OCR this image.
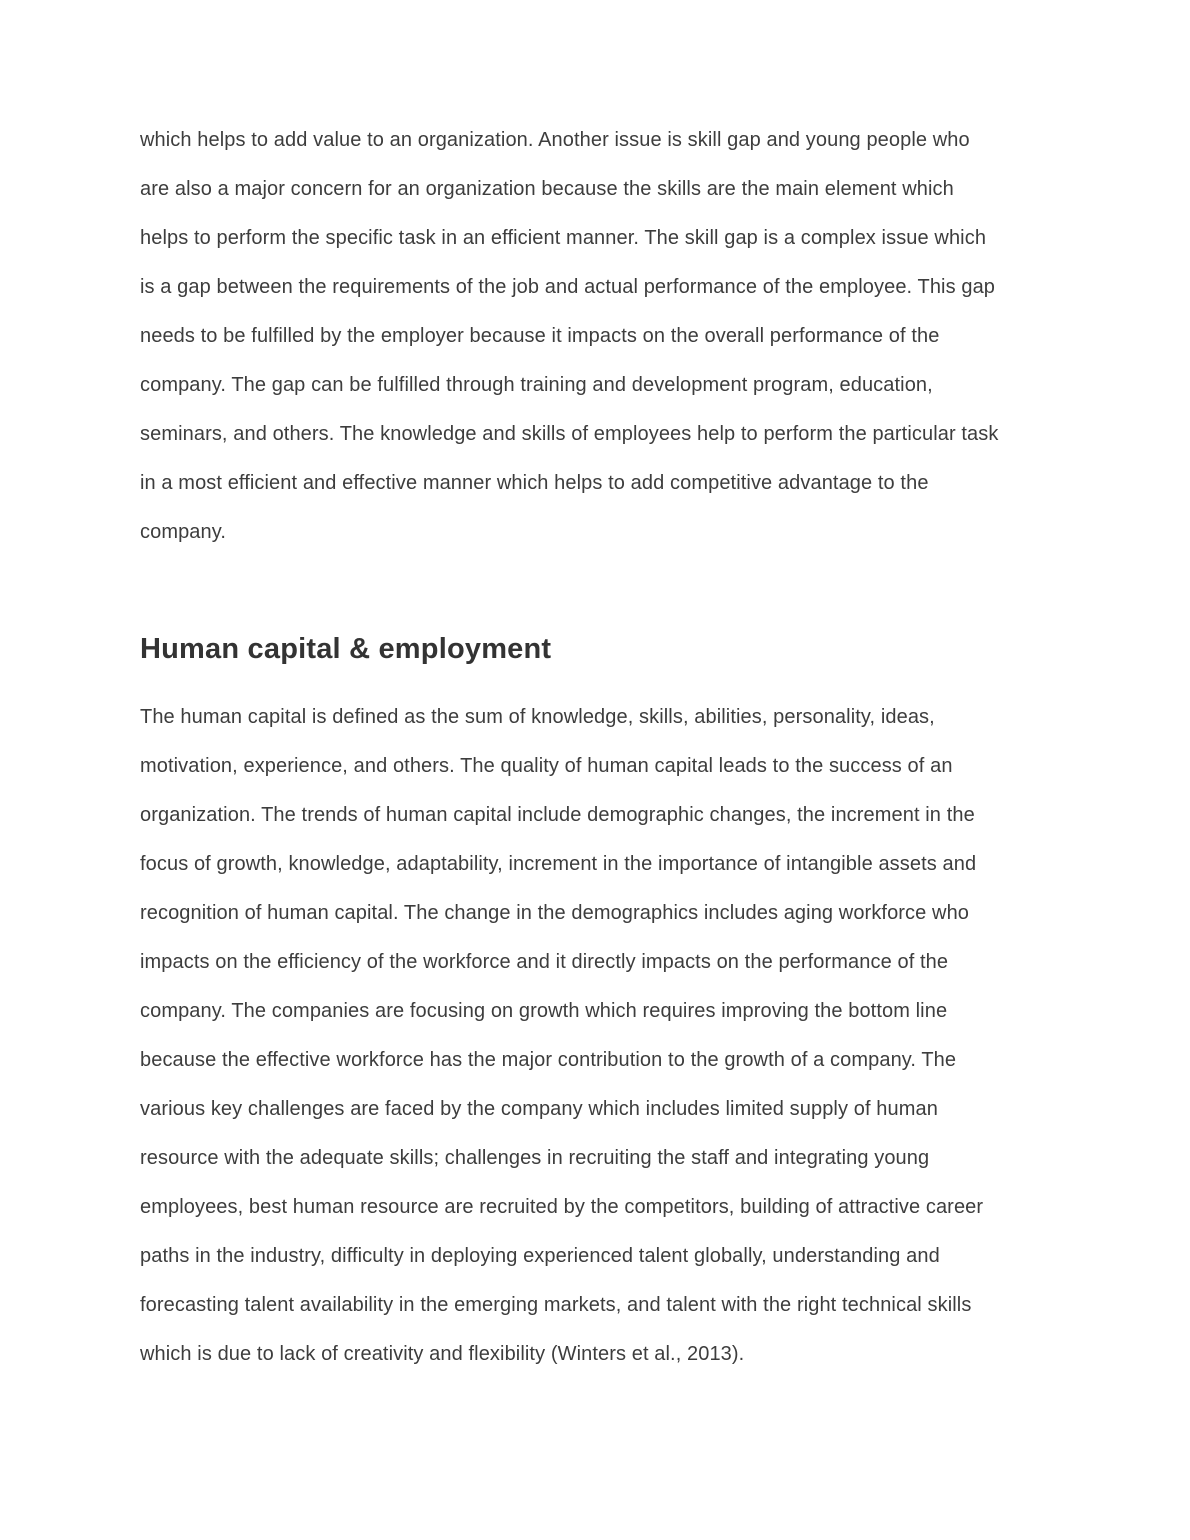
which helps to add value to an organization. Another issue is skill gap and young people who
are also a major concern for an organization because the skills are the main element which
helps to perform the specific task in an efficient manner. The skill gap is a complex issue which
is a gap between the requirements of the job and actual performance of the employee. This gap
needs to be fulfilled by the employer because it impacts on the overall performance of the
company. The gap can be fulfilled through training and development program, education,
seminars, and others. The knowledge and skills of employees help to perform the particular task
in a most efficient and effective manner which helps to add competitive advantage to the
company.
Human capital & employment
The human capital is defined as the sum of knowledge, skills, abilities, personality, ideas,
motivation, experience, and others. The quality of human capital leads to the success of an
organization. The trends of human capital include demographic changes, the increment in the
focus of growth, knowledge, adaptability, increment in the importance of intangible assets and
recognition of human capital. The change in the demographics includes aging workforce who
impacts on the efficiency of the workforce and it directly impacts on the performance of the
company. The companies are focusing on growth which requires improving the bottom line
because the effective workforce has the major contribution to the growth of a company. The
various key challenges are faced by the company which includes limited supply of human
resource with the adequate skills; challenges in recruiting the staff and integrating young
employees, best human resource are recruited by the competitors, building of attractive career
paths in the industry, difficulty in deploying experienced talent globally, understanding and
forecasting talent availability in the emerging markets, and talent with the right technical skills
which is due to lack of creativity and flexibility (Winters et al., 2013).
